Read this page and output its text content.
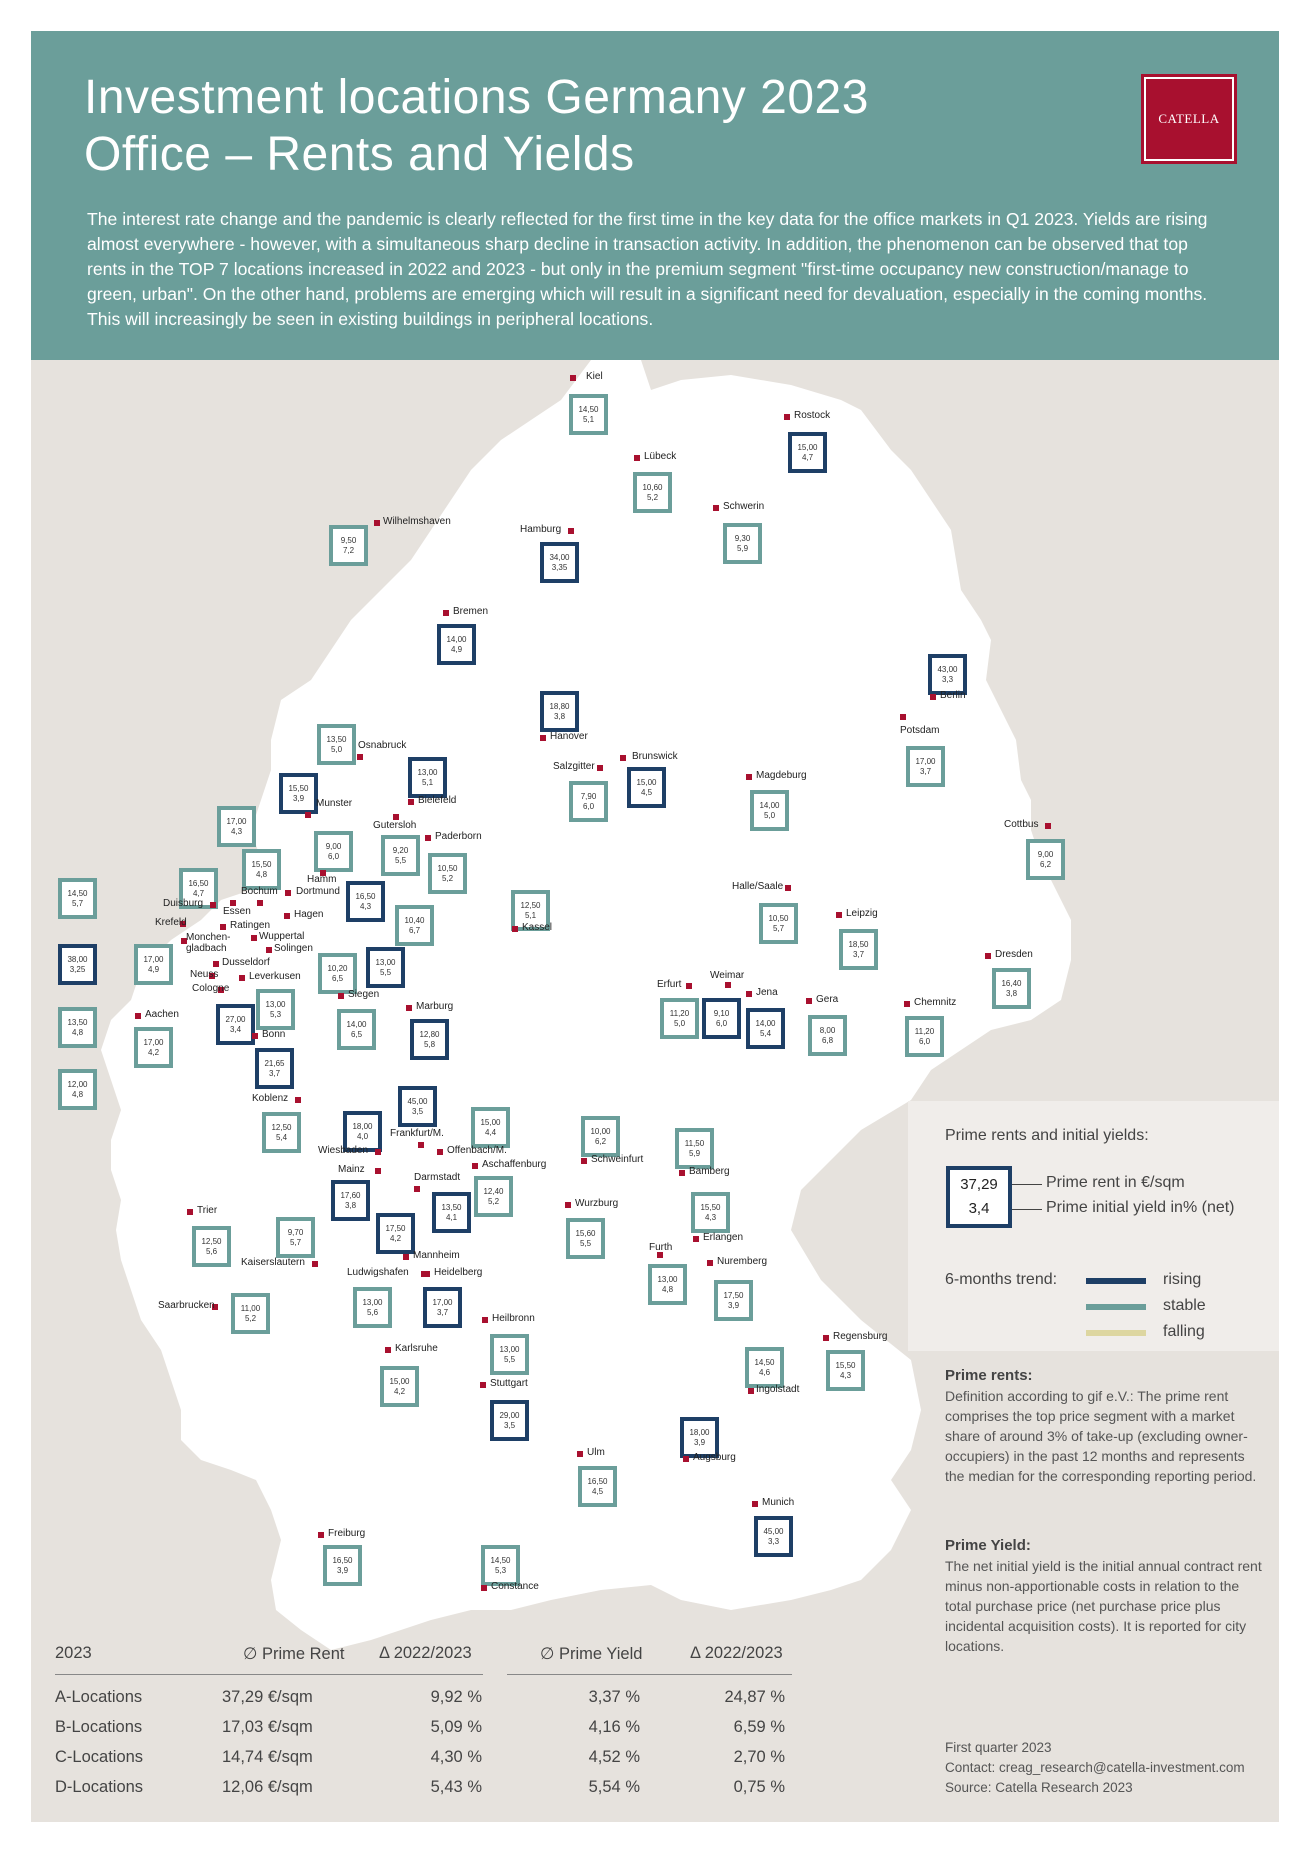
Investment locations Germany 2023
Office – Rents and Yields
CATELLA
The interest rate change and the pandemic is clearly reflected for the first time in the key data for the office markets in Q1 2023. Yields are rising almost everywhere - however, with a simultaneous sharp decline in transaction activity. In addition, the phenomenon can be observed that top rents in the TOP 7 locations increased in 2022 and 2023 - but only in the premium segment "first-time occupancy new construction/manage to green, urban". On the other hand, problems are emerging which will result in a significant need for devaluation, especially in the coming months. This will increasingly be seen in existing buildings in peripheral locations.
14,50
5,1
Kiel
15,00
4,7
Rostock
10,60
5,2
Lübeck
9,30
5,9
Schwerin
9,50
7,2
Wilhelmshaven
34,00
3,35
Hamburg
14,00
4,9
Bremen
43,00
3,3
Berlin
17,00
3,7
Potsdam
18,80
3,8
Hanover
13,50
5,0	Osnabruck
13,00
5,1
Bielefeld
15,00
4,5
Brunswick
7,90
6,0
Salzgitter
14,00
5,0
Magdeburg
15,50
3,9	Munster
9,20
5,5
Gutersloh
10,50
5,2
Paderborn
9,00
6,0
Hamm
16,50
4,3
Dortmund
15,50
4,8
Bochum
17,00
4,3
Essen
16,50
4,7
Duisburg
10,40
6,7
Hagen
9,00
6,2
Cottbus
10,50
5,7
Halle/Saale
18,50
3,7
Leipzig
16,40
3,8
Dresden
12,50
5,1
Kassel
14,50
5,7
Krefeld
38,00
3,25
Dusseldorf
13,50
4,8
Ratingen
12,00
4,8
Neuss
17,00
4,9
Monchen-
gladbach
13,00
5,5
Wuppertal
10,20
6,5
Solingen
13,00
5,3
Leverkusen
27,00
3,4
Cologne
17,00
4,2
Aachen
14,00
6,5
Siegen
12,80
5,8
Marburg
11,20
5,0
Erfurt
9,10
6,0
Weimar
14,00
5,4
Jena
8,00
6,8
Gera
11,20
6,0
Chemnitz
21,65
3,7
Bonn
12,50
5,4
Koblenz
18,00
4,0
Wiesbaden
45,00
3,5
Frankfurt/M.
15,00
4,4
Offenbach/M.
17,60
3,8
Mainz
13,50
4,1
Darmstadt
12,40
5,2
Aschaffenburg
10,00
6,2
Schweinfurt
11,50
5,9
Bamberg
12,50
5,6
Trier
9,70
5,7
Kaiserslautern
17,50
4,2
Mannheim
15,60
5,5
Wurzburg	15,50
4,3
Erlangen
13,00
4,8
Furth
17,50
3,9
Nuremberg
13,00
5,6
Ludwigshafen
17,00
3,7
Heidelberg
11,00
5,2
Saarbrucken
13,00
5,5
Heilbronn
15,00
4,2
Karlsruhe
29,00
3,5
Stuttgart
15,50
4,3
Regensburg
14,50
4,6
Ingolstadt
18,00
3,9
Augsburg
16,50
4,5
Ulm
45,00
3,3
Munich
16,50
3,9
Freiburg
14,50
5,3
Constance
Prime rents and initial yields:
37,29
3,4
Prime rent in €/sqm
Prime initial yield in% (net)
6-months trend:	rising
stable
falling
Prime rents:
Definition according to gif e.V.: The prime rent comprises the top price segment with a market share of around 3% of take-up (excluding owner-occupiers) in the past 12 months and represents the median for the corresponding reporting period.
Prime Yield:
The net initial yield is the initial annual contract rent minus non-apportionable costs in relation to the total purchase price (net purchase price plus incidental acquisition costs). It is reported for city locations.
2023	∅ Prime Rent Δ 2022/2023	∅ Prime Yield	Δ 2022/2023
A-Locations	37,29 €/sqm	9,92 %	3,37 %	24,87 %
B-Locations	17,03 €/sqm	5,09 %	4,16 %	6,59 %
C-Locations	14,74 €/sqm	4,30 %	4,52 %	2,70 %
D-Locations	12,06 €/sqm	5,43 %	5,54 %	0,75 %
First quarter 2023
Contact: creag_research@catella-investment.com
Source: Catella Research 2023
